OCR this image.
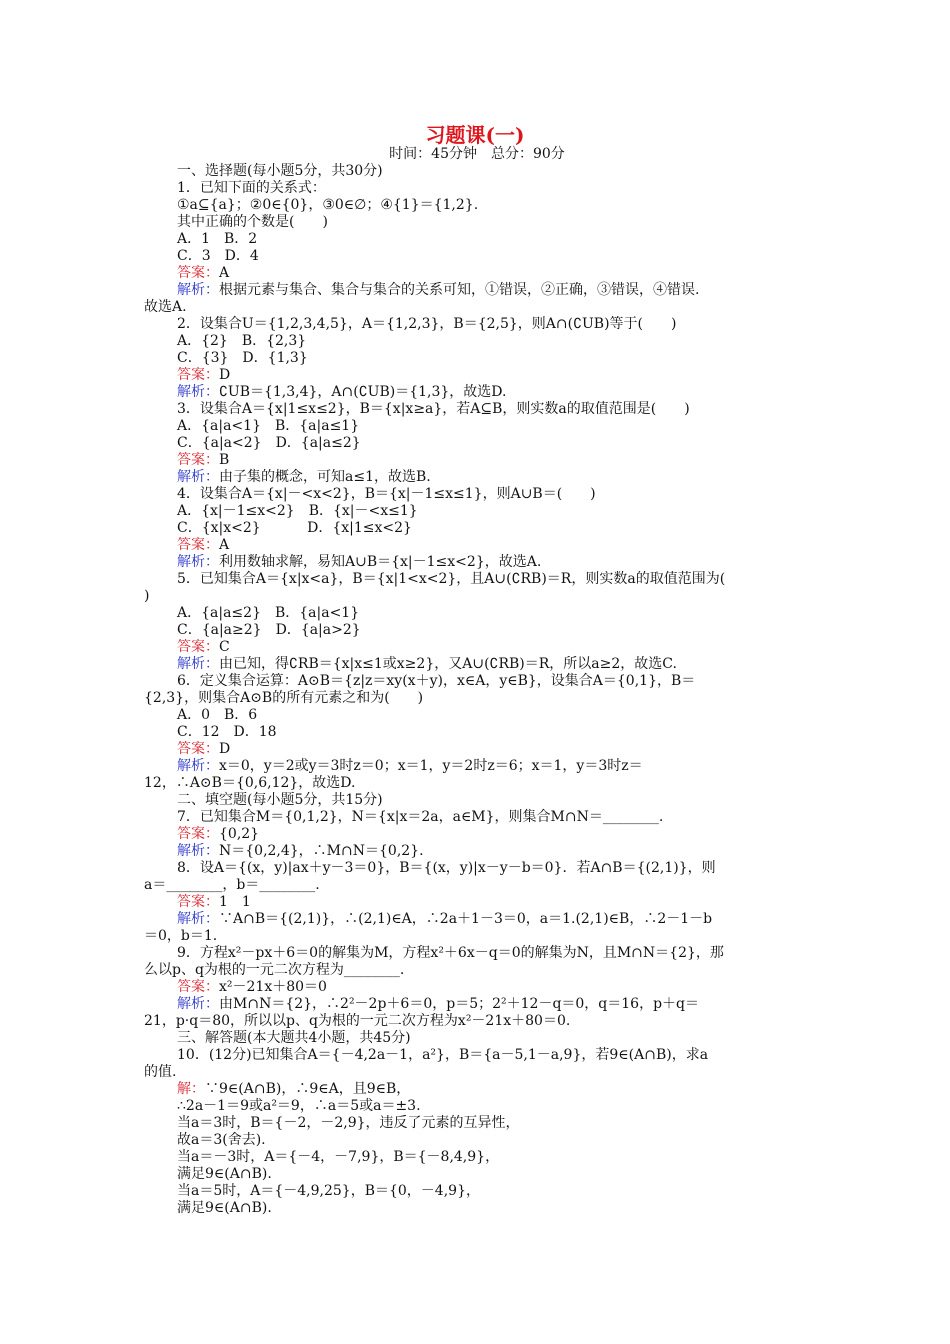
习题课(一)
时间：45分钟　总分：90分
一、选择题(每小题5分，共30分)
1．已知下面的关系式：
①a⊆{a}；②0∈{0}，③0∈∅；④{1}＝{1,2}.
其中正确的个数是(　　)
A．1　B．2
C．3　D．4
答案：A
解析：根据元素与集合、集合与集合的关系可知，①错误，②正确，③错误，④错误.
故选A.
2．设集合U＝{1,2,3,4,5}，A＝{1,2,3}，B＝{2,5}，则A∩(∁UB)等于(　　)
A．{2}　B．{2,3}
C．{3}　D．{1,3}
答案：D
解析：∁UB＝{1,3,4}，A∩(∁UB)＝{1,3}，故选D.
3．设集合A＝{x|1≤x≤2}，B＝{x|x≥a}，若A⊆B，则实数a的取值范围是(　　)
A．{a|a<1}　B．{a|a≤1}
C．{a|a<2}　D．{a|a≤2}
答案：B
解析：由子集的概念，可知a≤1，故选B.
4．设集合A＝{x|－<x<2}，B＝{x|－1≤x≤1}，则A∪B＝(　　)
A．{x|－1≤x<2}　B．{x|－<x≤1}
C．{x|x<2}　　　 D．{x|1≤x<2}
答案：A
解析：利用数轴求解，易知A∪B＝{x|－1≤x<2}，故选A.
5．已知集合A＝{x|x<a}，B＝{x|1<x<2}，且A∪(∁RB)＝R，则实数a的取值范围为(
)
A．{a|a≤2}　B．{a|a<1}
C．{a|a≥2}　D．{a|a>2}
答案：C
解析：由已知，得∁RB＝{x|x≤1或x≥2}，又A∪(∁RB)＝R，所以a≥2，故选C.
6．定义集合运算：A⊙B＝{z|z＝xy(x＋y)，x∈A，y∈B}，设集合A＝{0,1}，B＝
{2,3}，则集合A⊙B的所有元素之和为(　　)
A．0　B．6
C．12　D．18
答案：D
解析：x＝0，y＝2或y＝3时z＝0；x＝1，y＝2时z＝6；x＝1，y＝3时z＝
12，∴A⊙B＝{0,6,12}，故选D.
二、填空题(每小题5分，共15分)
7．已知集合M＝{0,1,2}，N＝{x|x＝2a，a∈M}，则集合M∩N＝________.
答案：{0,2}
解析：N＝{0,2,4}，∴M∩N＝{0,2}.
8．设A＝{(x，y)|ax＋y－3＝0}，B＝{(x，y)|x－y－b＝0}．若A∩B＝{(2,1)}，则
a＝________，b＝________.
答案：1　1
解析：∵A∩B＝{(2,1)}，∴(2,1)∈A，∴2a＋1－3＝0，a＝1.(2,1)∈B，∴2－1－b
＝0，b＝1.
9．方程x²－px＋6＝0的解集为M，方程x²＋6x－q＝0的解集为N，且M∩N＝{2}，那
么以p、q为根的一元二次方程为________.
答案：x²－21x＋80＝0
解析：由M∩N＝{2}，∴2²－2p＋6＝0，p＝5；2²＋12－q＝0，q＝16，p＋q＝
21，p·q＝80，所以以p、q为根的一元二次方程为x²－21x＋80＝0.
三、解答题(本大题共4小题，共45分)
10．(12分)已知集合A＝{－4,2a－1，a²}，B＝{a－5,1－a,9}，若9∈(A∩B)，求a
的值.
解：∵9∈(A∩B)，∴9∈A，且9∈B，
∴2a－1＝9或a²＝9，∴a＝5或a＝±3.
当a＝3时，B＝{－2，－2,9}，违反了元素的互异性，
故a＝3(舍去).
当a＝－3时，A＝{－4，－7,9}，B＝{－8,4,9}，
满足9∈(A∩B).
当a＝5时，A＝{－4,9,25}，B＝{0，－4,9}，
满足9∈(A∩B).
